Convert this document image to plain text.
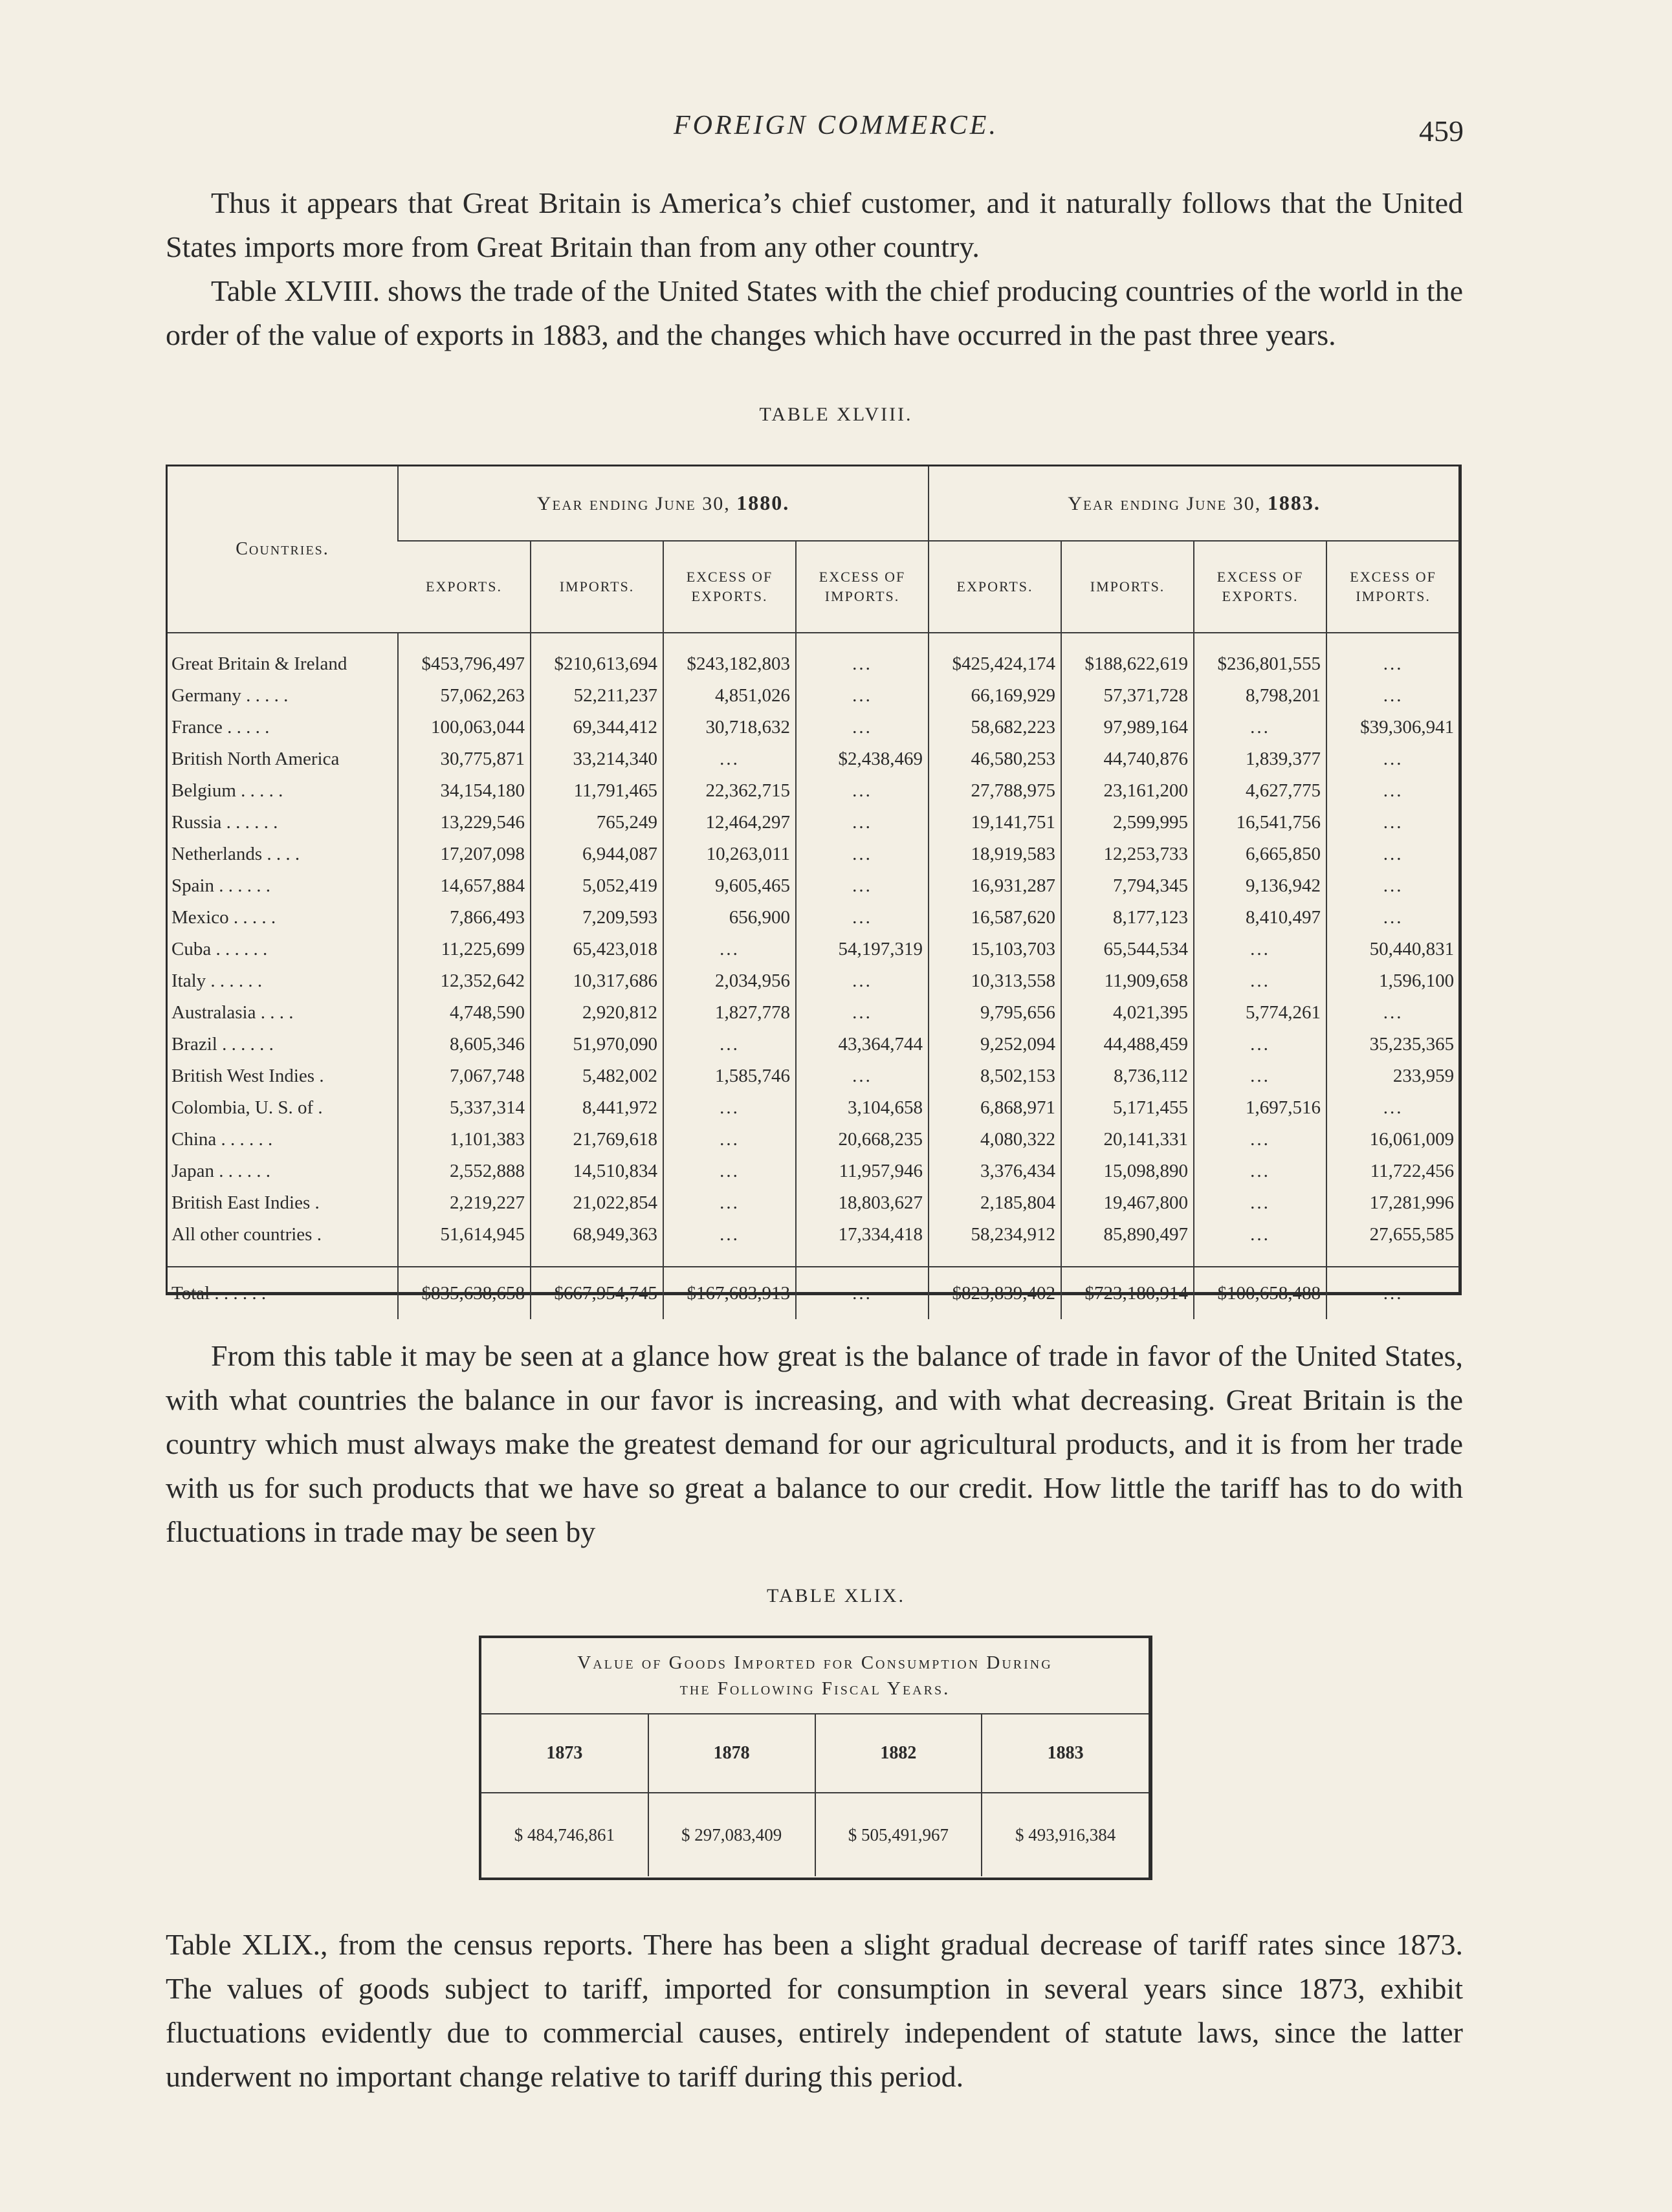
FOREIGN COMMERCE.	459

Thus it appears that Great Britain is America’s chief customer, and it naturally follows that the United States imports more from Great Britain than from any other country.

Table XLVIII. shows the trade of the United States with the chief producing countries of the world in the order of the value of exports in 1883, and the changes which have occurred in the past three years.

TABLE XLVIII.
Countries.	Year ending June 30, 1880.				Year ending June 30, 1883.			
	EXPORTS.	IMPORTS.	EXCESS OF EXPORTS.	EXCESS OF IMPORTS.	EXPORTS.	IMPORTS.	EXCESS OF EXPORTS.	EXCESS OF IMPORTS.
Great Britain & Ireland	$453,796,497	$210,613,694	$243,182,803	...	$425,424,174	$188,622,619	$236,801,555	...
Germany . . . . .	57,062,263	52,211,237	4,851,026	...	66,169,929	57,371,728	8,798,201	...
France . . . . .	100,063,044	69,344,412	30,718,632	...	58,682,223	97,989,164	...	$39,306,941
British North America	30,775,871	33,214,340	...	$2,438,469	46,580,253	44,740,876	1,839,377	...
Belgium . . . . .	34,154,180	11,791,465	22,362,715	...	27,788,975	23,161,200	4,627,775	...
Russia . . . . . .	13,229,546	765,249	12,464,297	...	19,141,751	2,599,995	16,541,756	...
Netherlands . . . .	17,207,098	6,944,087	10,263,011	...	18,919,583	12,253,733	6,665,850	...
Spain . . . . . .	14,657,884	5,052,419	9,605,465	...	16,931,287	7,794,345	9,136,942	...
Mexico . . . . .	7,866,493	7,209,593	656,900	...	16,587,620	8,177,123	8,410,497	...
Cuba . . . . . .	11,225,699	65,423,018	...	54,197,319	15,103,703	65,544,534	...	50,440,831
Italy . . . . . .	12,352,642	10,317,686	2,034,956	...	10,313,558	11,909,658	...	1,596,100
Australasia . . . .	4,748,590	2,920,812	1,827,778	...	9,795,656	4,021,395	5,774,261	...
Brazil . . . . . .	8,605,346	51,970,090	...	43,364,744	9,252,094	44,488,459	...	35,235,365
British West Indies .	7,067,748	5,482,002	1,585,746	...	8,502,153	8,736,112	...	233,959
Colombia, U. S. of .	5,337,314	8,441,972	...	3,104,658	6,868,971	5,171,455	1,697,516	...
China . . . . . .	1,101,383	21,769,618	...	20,668,235	4,080,322	20,141,331	...	16,061,009
Japan . . . . . .	2,552,888	14,510,834	...	11,957,946	3,376,434	15,098,890	...	11,722,456
British East Indies .	2,219,227	21,022,854	...	18,803,627	2,185,804	19,467,800	...	17,281,996
All other countries .	51,614,945	68,949,363	...	17,334,418	58,234,912	85,890,497	...	27,655,585
Total . . . . . .	$835,638,658	$667,954,745	$167,683,913	...	$823,839,402	$723,180,914	$100,658,488	...

From this table it may be seen at a glance how great is the balance of trade in favor of the United States, with what countries the balance in our favor is increasing, and with what decreasing. Great Britain is the country which must always make the greatest demand for our agricultural products, and it is from her trade with us for such products that we have so great a balance to our credit. How little the tariff has to do with fluctuations in trade may be seen by

TABLE XLIX.
Value of Goods Imported for Consumption During
the Following Fiscal Years.
1873	1878	1882	1883
$ 484,746,861	$ 297,083,409	$ 505,491,967	$ 493,916,384

Table XLIX., from the census reports. There has been a slight gradual decrease of tariff rates since 1873. The values of goods subject to tariff, imported for consumption in several years since 1873, exhibit fluctuations evidently due to commercial causes, entirely independent of statute laws, since the latter underwent no important change relative to tariff during this period.
